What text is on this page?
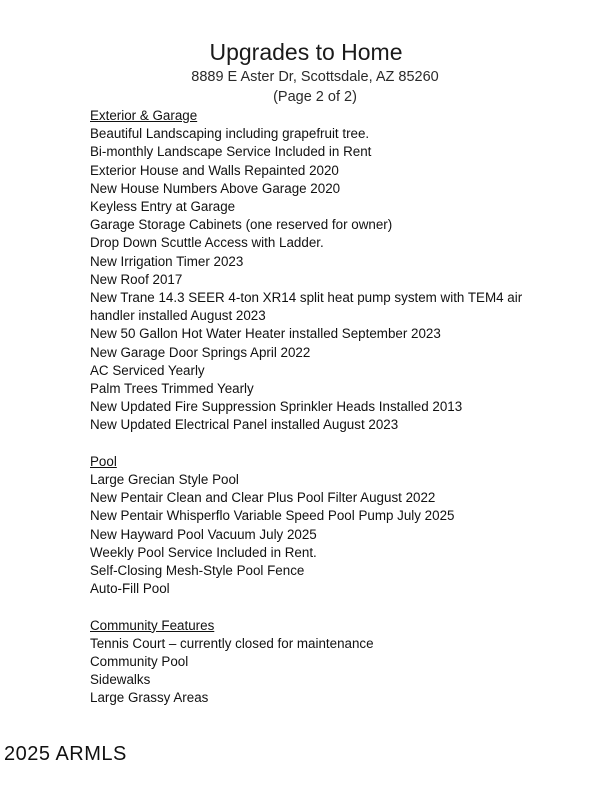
Upgrades to Home
8889 E Aster Dr, Scottsdale, AZ 85260
(Page 2 of 2)
Exterior & Garage
Beautiful Landscaping including grapefruit tree.
Bi-monthly Landscape Service Included in Rent
Exterior House and Walls Repainted 2020
New House Numbers Above Garage 2020
Keyless Entry at Garage
Garage Storage Cabinets (one reserved for owner)
Drop Down Scuttle Access with Ladder.
New Irrigation Timer 2023
New Roof 2017
New Trane 14.3 SEER 4-ton XR14 split heat pump system with TEM4 air handler installed August 2023
New 50 Gallon Hot Water Heater installed September 2023
New Garage Door Springs April 2022
AC Serviced Yearly
Palm Trees Trimmed Yearly
New Updated Fire Suppression Sprinkler Heads Installed 2013
New Updated Electrical Panel installed August 2023
Pool
Large Grecian Style Pool
New Pentair Clean and Clear Plus Pool Filter August 2022
New Pentair Whisperflo Variable Speed Pool Pump July 2025
New Hayward Pool Vacuum July 2025
Weekly Pool Service Included in Rent.
Self-Closing Mesh-Style Pool Fence
Auto-Fill Pool
Community Features
Tennis Court – currently closed for maintenance
Community Pool
Sidewalks
Large Grassy Areas
2025 ARMLS
